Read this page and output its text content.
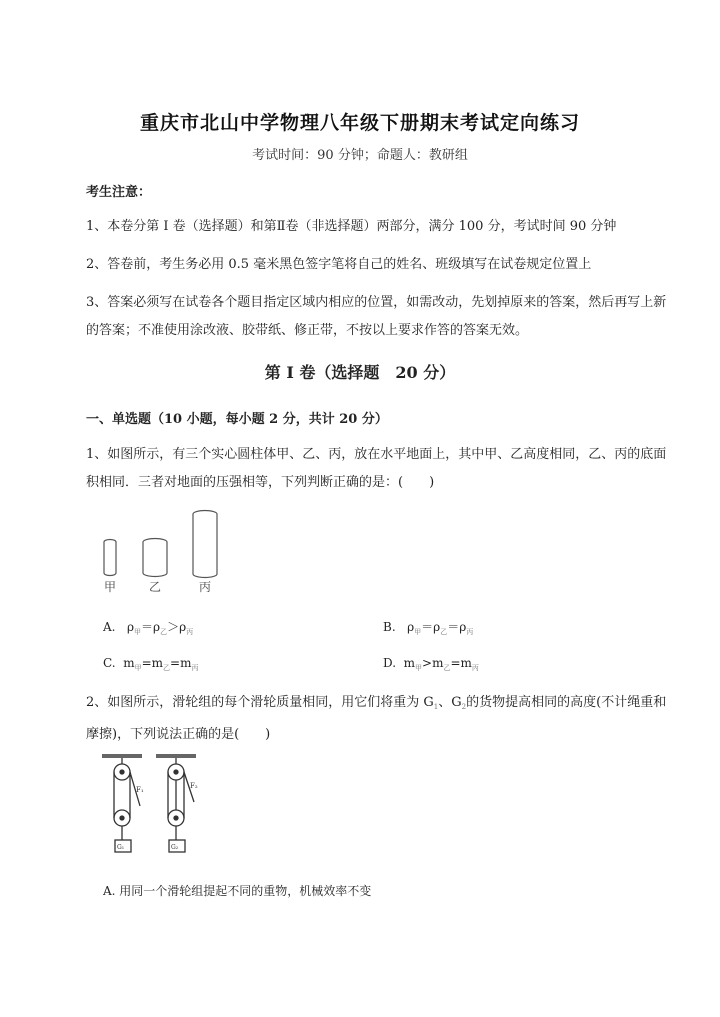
重庆市北山中学物理八年级下册期末考试定向练习
考试时间：90 分钟；命题人：教研组
考生注意：
1、本卷分第 I 卷（选择题）和第Ⅱ卷（非选择题）两部分，满分 100 分，考试时间 90 分钟
2、答卷前，考生务必用 0.5 毫米黑色签字笔将自己的姓名、班级填写在试卷规定位置上
3、答案必须写在试卷各个题目指定区域内相应的位置，如需改动，先划掉原来的答案，然后再写上新的答案；不准使用涂改液、胶带纸、修正带，不按以上要求作答的答案无效。
第 I 卷（选择题　20 分）
一、单选题（10 小题，每小题 2 分，共计 20 分）
1、如图所示，有三个实心圆柱体甲、乙、丙，放在水平地面上，其中甲、乙高度相同，乙、丙的底面积相同．三者对地面的压强相等，下列判断正确的是：(　　)
甲	乙	丙
A. $\rho_甲=\rho_乙>\rho_丙$	B. $\rho_甲=\rho_乙=\rho_丙$
C. $m_甲=m_乙=m_丙$	D. $m_甲>m_乙=m_丙$
2、如图所示，滑轮组的每个滑轮质量相同，用它们将重为 $G_1$、$G_2$的货物提高相同的高度(不计绳重和摩擦)，下列说法正确的是(　　)
F₁	F₂
G₁	G₂
A. 用同一个滑轮组提起不同的重物，机械效率不变
